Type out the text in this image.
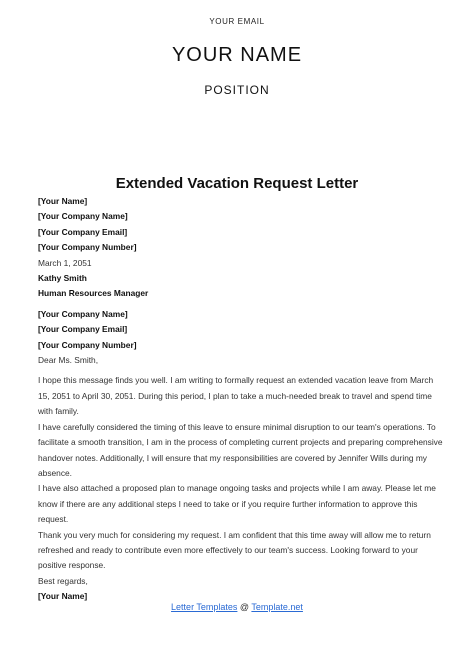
YOUR EMAIL
YOUR NAME
POSITION
Extended Vacation Request Letter
[Your Name]
[Your Company Name]
[Your Company Email]
[Your Company Number]
March 1, 2051
Kathy Smith
Human Resources Manager
[Your Company Name]
[Your Company Email]
[Your Company Number]
Dear Ms. Smith,

I hope this message finds you well. I am writing to formally request an extended vacation leave from March 15, 2051 to April 30, 2051. During this period, I plan to take a much-needed break to travel and spend time with family.

I have carefully considered the timing of this leave to ensure minimal disruption to our team's operations. To facilitate a smooth transition, I am in the process of completing current projects and preparing comprehensive handover notes. Additionally, I will ensure that my responsibilities are covered by Jennifer Wills during my absence.

I have also attached a proposed plan to manage ongoing tasks and projects while I am away. Please let me know if there are any additional steps I need to take or if you require further information to approve this request.

Thank you very much for considering my request. I am confident that this time away will allow me to return refreshed and ready to contribute even more effectively to our team's success. Looking forward to your positive response.

Best regards,
[Your Name]
Letter Templates @ Template.net
